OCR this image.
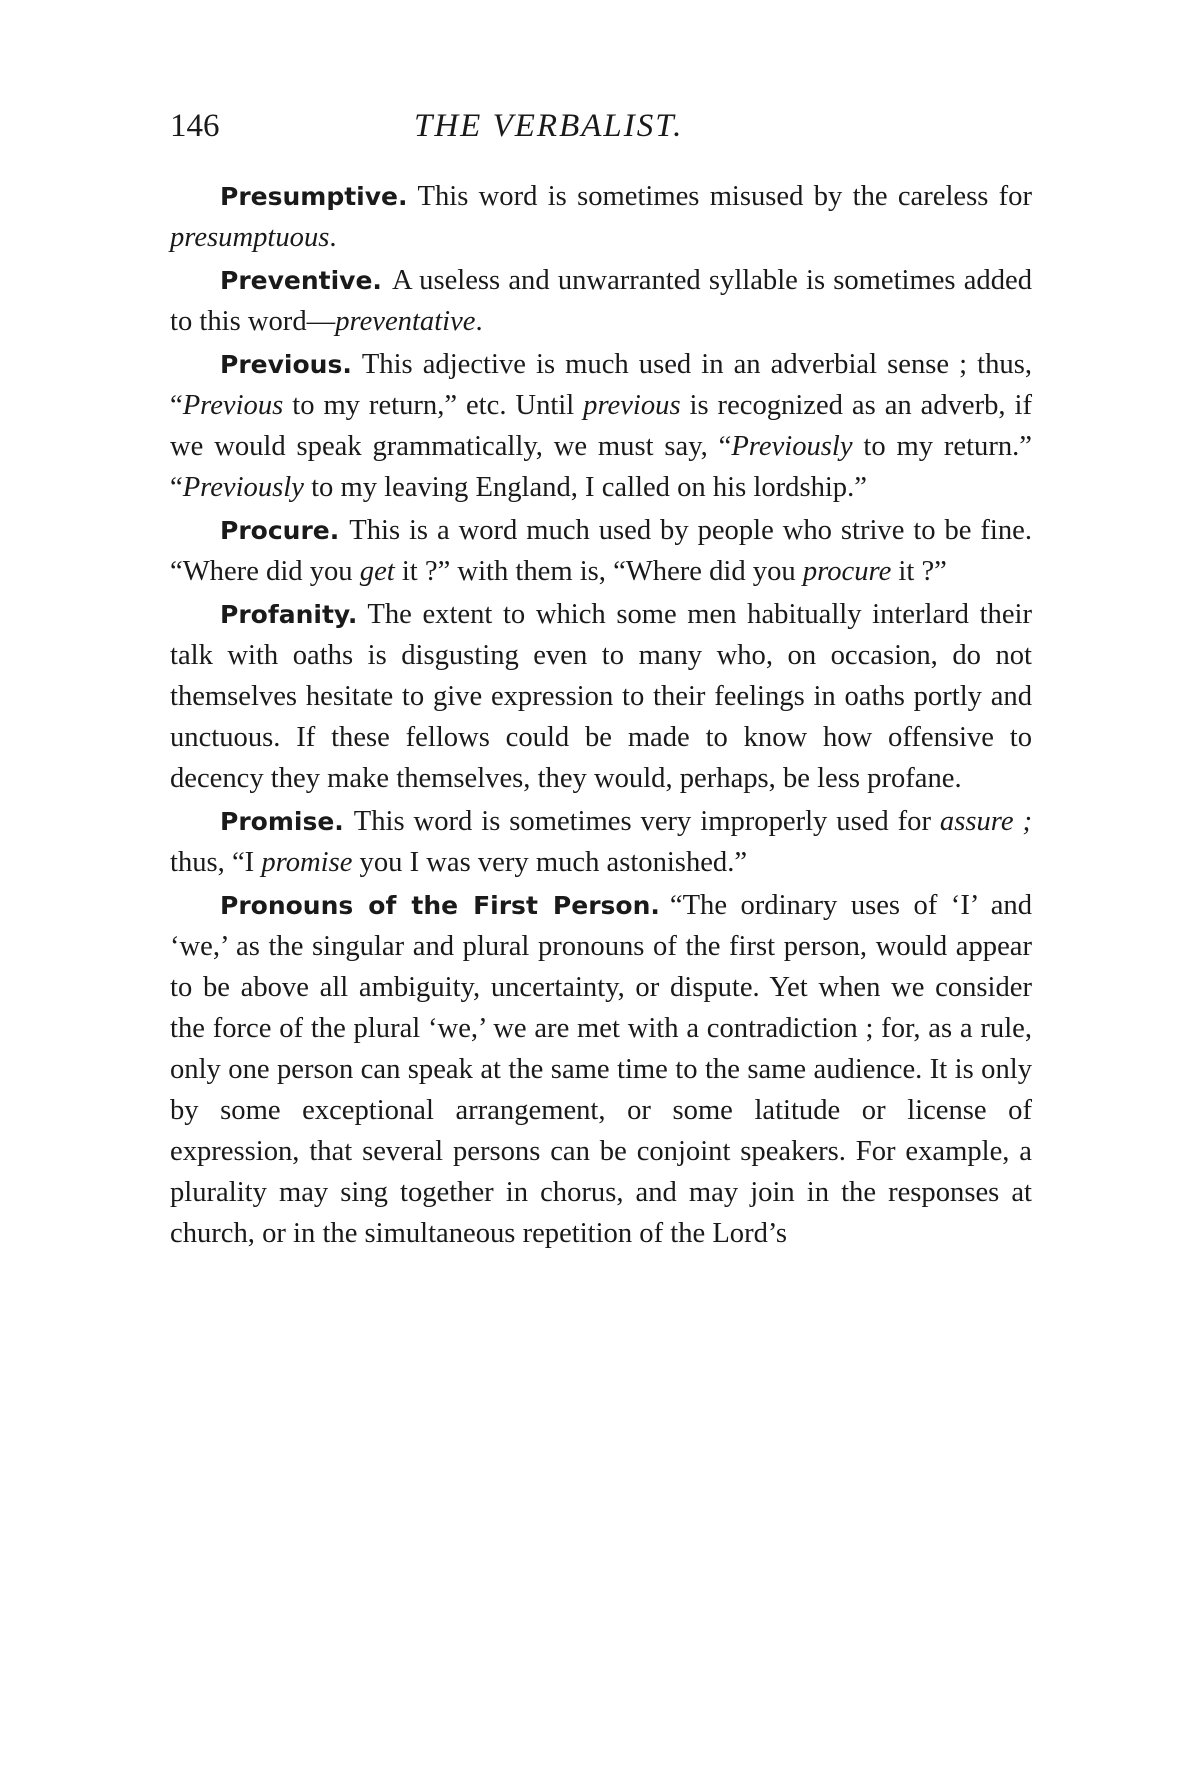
146	THE VERBALIST.

Presumptive. This word is sometimes misused by the careless for presumptuous.

Preventive. A useless and unwarranted syllable is sometimes added to this word—preventative.

Previous. This adjective is much used in an adverbial sense ; thus, “Previous to my return,” etc. Until previous is recognized as an adverb, if we would speak grammatically, we must say, “Previously to my return.” “Previously to my leaving England, I called on his lordship.”

Procure. This is a word much used by people who strive to be fine. “Where did you get it ?” with them is, “Where did you procure it ?”

Profanity. The extent to which some men habitually interlard their talk with oaths is disgusting even to many who, on occasion, do not themselves hesitate to give expression to their feelings in oaths portly and unctuous. If these fellows could be made to know how offensive to decency they make themselves, they would, perhaps, be less profane.

Promise. This word is sometimes very improperly used for assure ; thus, “I promise you I was very much astonished.”

Pronouns of the First Person. “The ordinary uses of ‘I’ and ‘we,’ as the singular and plural pronouns of the first person, would appear to be above all ambiguity, uncertainty, or dispute. Yet when we consider the force of the plural ‘we,’ we are met with a contradiction ; for, as a rule, only one person can speak at the same time to the same audience. It is only by some exceptional arrangement, or some latitude or license of expression, that several persons can be conjoint speakers. For example, a plurality may sing together in chorus, and may join in the responses at church, or in the simultaneous repetition of the Lord’s
